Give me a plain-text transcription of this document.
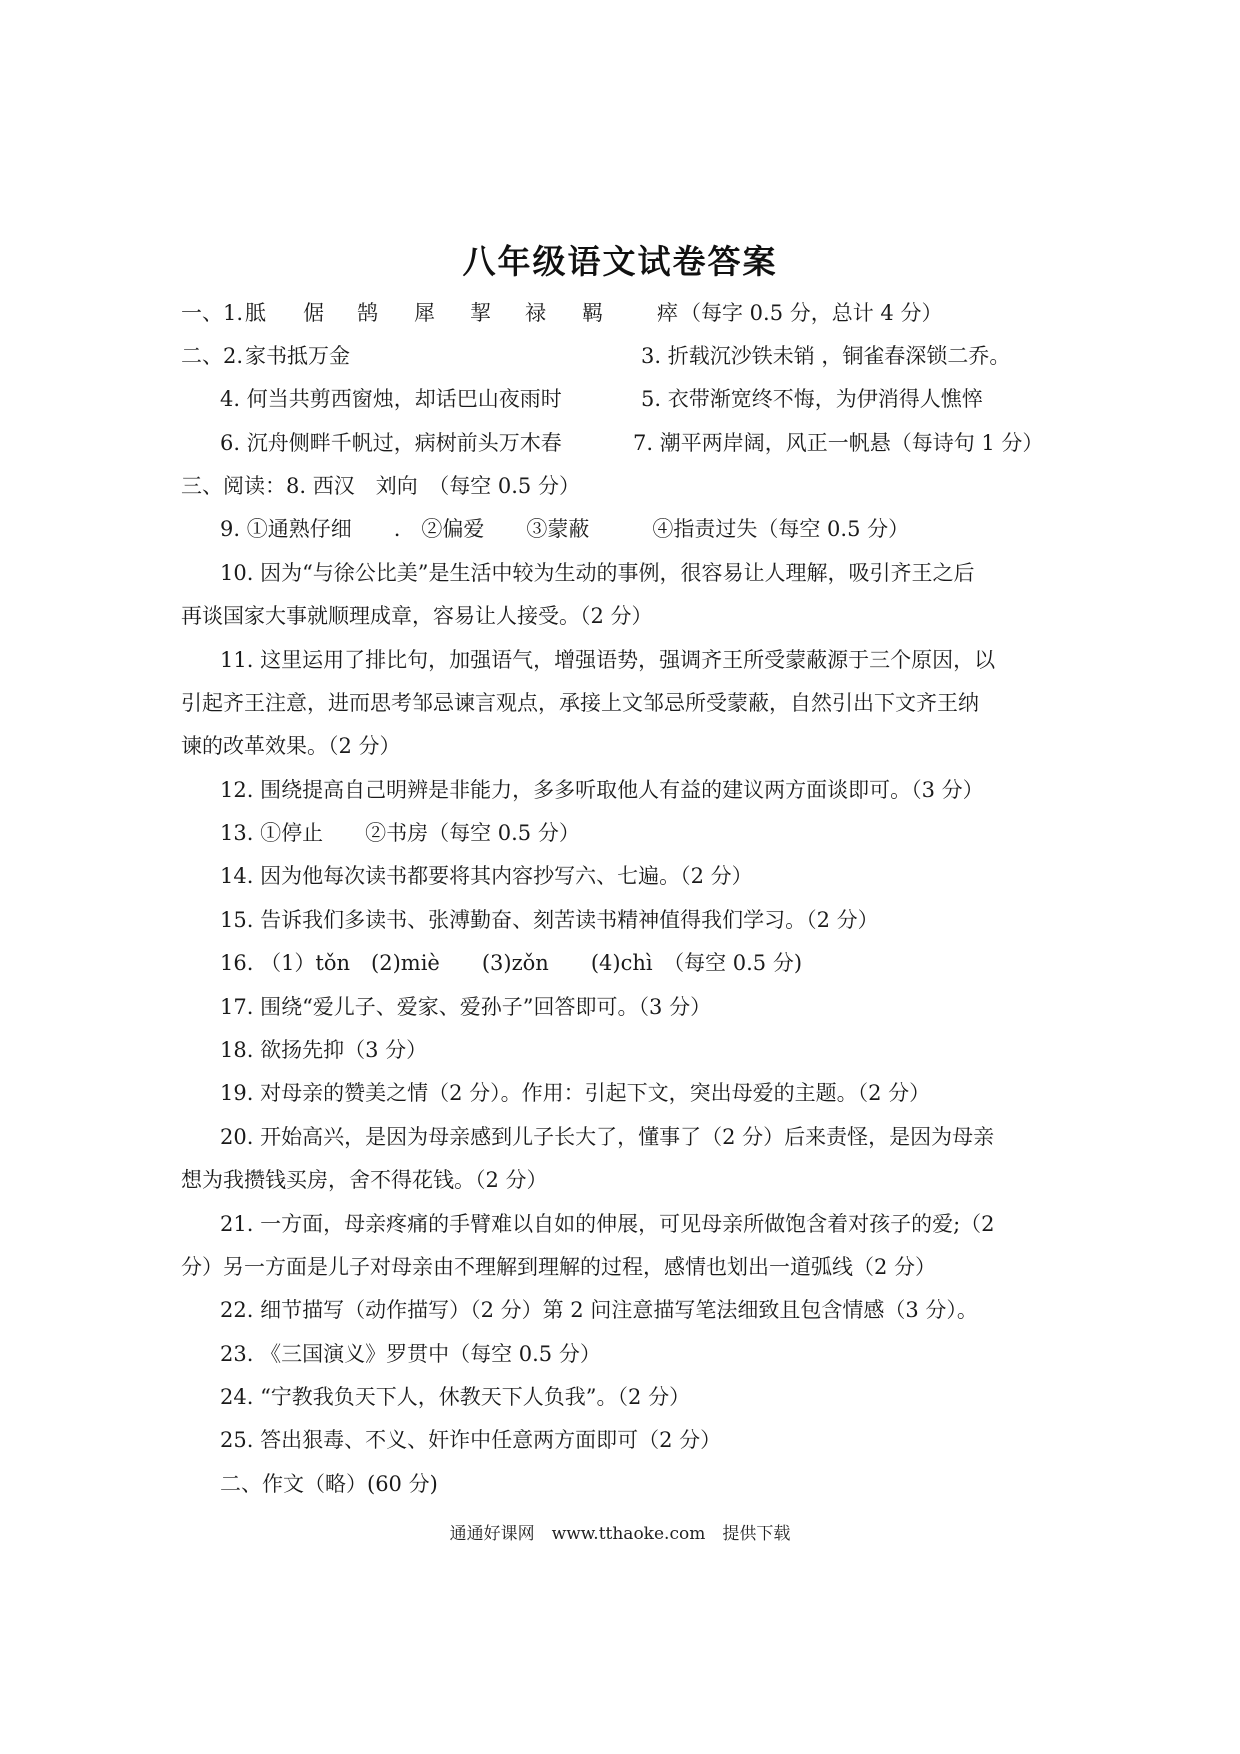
八年级语文试卷答案
一、1. 胝 倨 鹄 犀 挈 禄 羁	瘁 （每字 0.5 分，总计 4 分）
二、2. 家书抵万金	3. 折载沉沙铁未销 ，铜雀春深锁二乔。
4. 何当共剪西窗烛，却话巴山夜雨时	5. 衣带渐宽终不悔，为伊消得人憔悴
6. 沉舟侧畔千帆过，病树前头万木春	7. 潮平两岸阔，风正一帆悬（每诗句 1 分）
三、阅读：8. 西汉　刘向　（每空 0.5 分）
9. ①通熟仔细　　.　②偏爱　　③蒙蔽　　　④指责过失（每空 0.5 分）
10. 因为“与徐公比美”是生活中较为生动的事例，很容易让人理解，吸引齐王之后
再谈国家大事就顺理成章，容易让人接受。（2 分）
11. 这里运用了排比句，加强语气，增强语势，强调齐王所受蒙蔽源于三个原因，以
引起齐王注意，进而思考邹忌谏言观点，承接上文邹忌所受蒙蔽，自然引出下文齐王纳
谏的改革效果。（2 分）
12. 围绕提高自己明辨是非能力，多多听取他人有益的建议两方面谈即可。（3 分）
13. ①停止　　②书房（每空 0.5 分）
14. 因为他每次读书都要将其内容抄写六、七遍。（2 分）
15. 告诉我们多读书、张溥勤奋、刻苦读书精神值得我们学习。（2 分）
16. （1）tǒn　(2)miè　　(3)zǒn　　(4)chì　（每空 0.5 分)
17. 围绕“爱儿子、爱家、爱孙子”回答即可。（3 分）
18. 欲扬先抑（3 分）
19. 对母亲的赞美之情（2 分）。作用：引起下文，突出母爱的主题。（2 分）
20. 开始高兴，是因为母亲感到儿子长大了，懂事了（2 分）后来责怪，是因为母亲
想为我攒钱买房，舍不得花钱。（2 分）
21. 一方面，母亲疼痛的手臂难以自如的伸展，可见母亲所做饱含着对孩子的爱;（2
分）另一方面是儿子对母亲由不理解到理解的过程，感情也划出一道弧线（2 分）
22. 细节描写（动作描写）（2 分）第 2 问注意描写笔法细致且包含情感（3 分）。
23. 《三国演义》罗贯中（每空 0.5 分）
24. “宁教我负天下人，休教天下人负我”。（2 分）
25. 答出狠毒、不义、奸诈中任意两方面即可（2 分）
二、作文（略）(60 分)
通通好课网　www.tthaoke.com　提供下载
